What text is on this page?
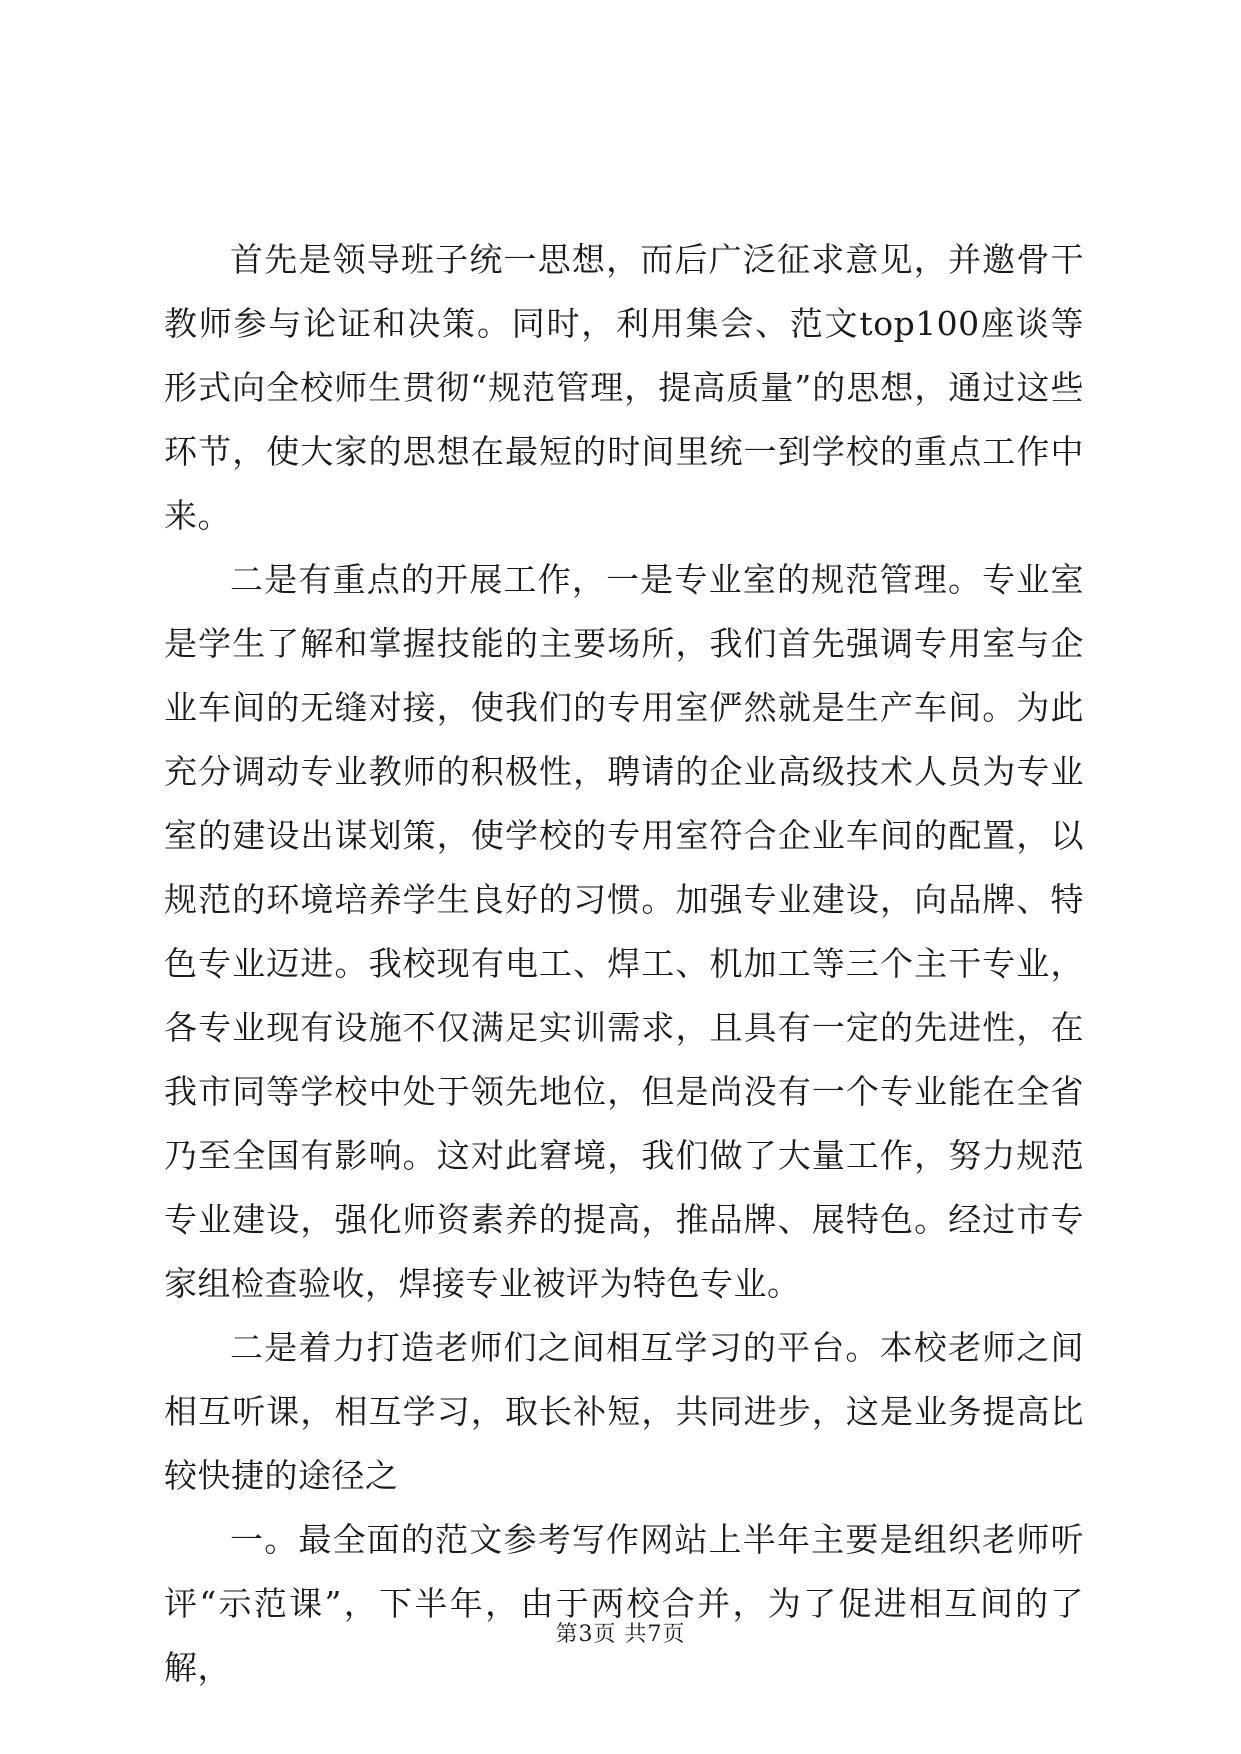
首先是领导班子统一思想，而后广泛征求意见，并邀骨干教师参与论证和决策。同时，利用集会、范文top100座谈等形式向全校师生贯彻“规范管理，提高质量”的思想，通过这些环节，使大家的思想在最短的时间里统一到学校的重点工作中来。

二是有重点的开展工作，一是专业室的规范管理。专业室是学生了解和掌握技能的主要场所，我们首先强调专用室与企业车间的无缝对接，使我们的专用室俨然就是生产车间。为此充分调动专业教师的积极性，聘请的企业高级技术人员为专业室的建设出谋划策，使学校的专用室符合企业车间的配置，以规范的环境培养学生良好的习惯。加强专业建设，向品牌、特色专业迈进。我校现有电工、焊工、机加工等三个主干专业，各专业现有设施不仅满足实训需求，且具有一定的先进性，在我市同等学校中处于领先地位，但是尚没有一个专业能在全省乃至全国有影响。这对此窘境，我们做了大量工作，努力规范专业建设，强化师资素养的提高，推品牌、展特色。经过市专家组检查验收，焊接专业被评为特色专业。

二是着力打造老师们之间相互学习的平台。本校老师之间相互听课，相互学习，取长补短，共同进步，这是业务提高比较快捷的途径之

一。最全面的范文参考写作网站上半年主要是组织老师听评“示范课”，下半年，由于两校合并，为了促进相互间的了解，

第3页 共7页
